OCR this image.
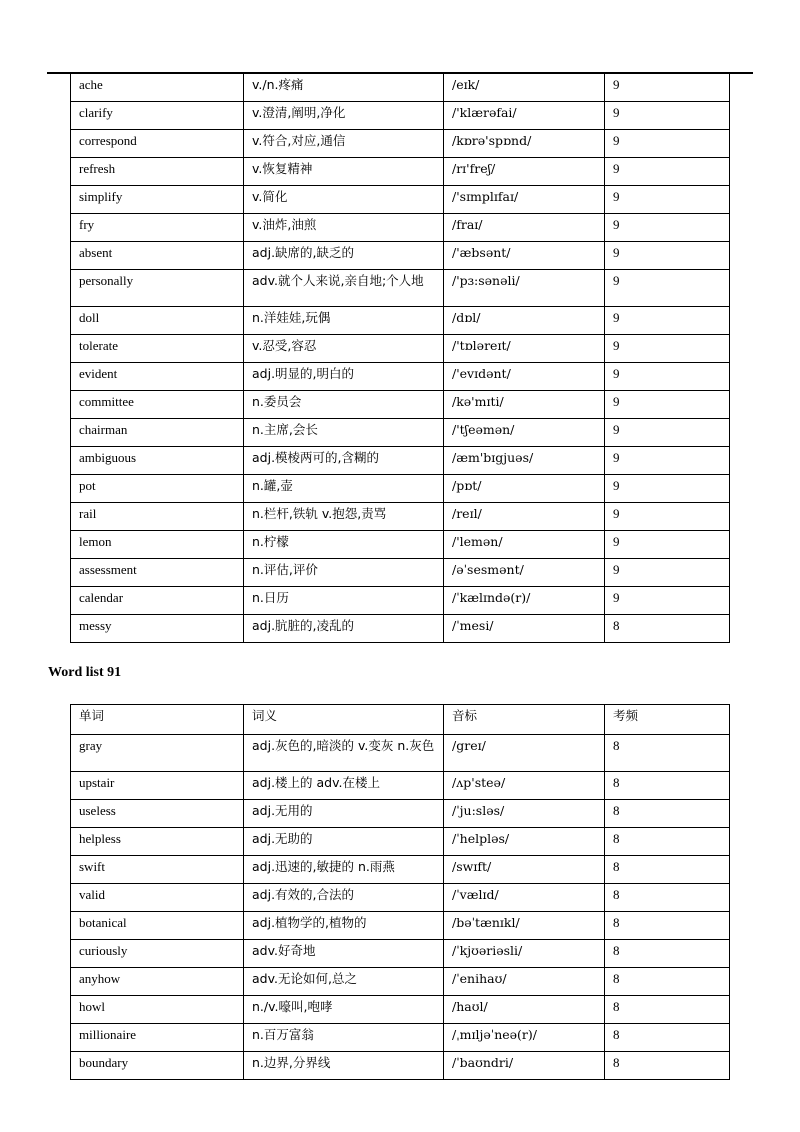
ache	v./n.疼痛	/eɪk/	9
clarify	v.澄清,阐明,净化	/'klærəfai/	9
correspond	v.符合,对应,通信	/kɒrə'spɒnd/	9
refresh	v.恢复精神	/rɪ'freʃ/	9
simplify	v.简化	/'sɪmplɪfaɪ/	9
fry	v.油炸,油煎	/fraɪ/	9
absent	adj.缺席的,缺乏的	/'æbsənt/	9
personally	adv.就个人来说,亲自地;个人地	/'pɜ:sənəli/	9
doll	n.洋娃娃,玩偶	/dɒl/	9
tolerate	v.忍受,容忍	/'tɒləreɪt/	9
evident	adj.明显的,明白的	/'evɪdənt/	9
committee	n.委员会	/kə'mɪti/	9
chairman	n.主席,会长	/'tʃeəmən/	9
ambiguous	adj.模棱两可的,含糊的	/æm'bɪgjuəs/	9
pot	n.罐,壶	/pɒt/	9
rail	n.栏杆,铁轨 v.抱怨,责骂	/reɪl/	9
lemon	n.柠檬	/'lemən/	9
assessment	n.评估,评价	/əˈsesmənt/	9
calendar	n.日历	/ˈkælɪndə(r)/	9
messy	adj.肮脏的,凌乱的	/ˈmesi/	8
Word list 91
单词	词义	音标	考频
gray	adj.灰色的,暗淡的 v.变灰 n.灰色	/greɪ/	8
upstair	adj.楼上的 adv.在楼上	/ʌp'steə/	8
useless	adj.无用的	/ˈju:sləs/	8
helpless	adj.无助的	/ˈhelpləs/	8
swift	adj.迅速的,敏捷的 n.雨燕	/swɪft/	8
valid	adj.有效的,合法的	/ˈvælɪd/	8
botanical	adj.植物学的,植物的	/bəˈtænɪkl/	8
curiously	adv.好奇地	/ˈkjʊəriəsli/	8
anyhow	adv.无论如何,总之	/ˈenihaʊ/	8
howl	n./v.嚎叫,咆哮	/haʊl/	8
millionaire	n.百万富翁	/ˌmɪljəˈneə(r)/	8
boundary	n.边界,分界线	/ˈbaʊndri/	8
